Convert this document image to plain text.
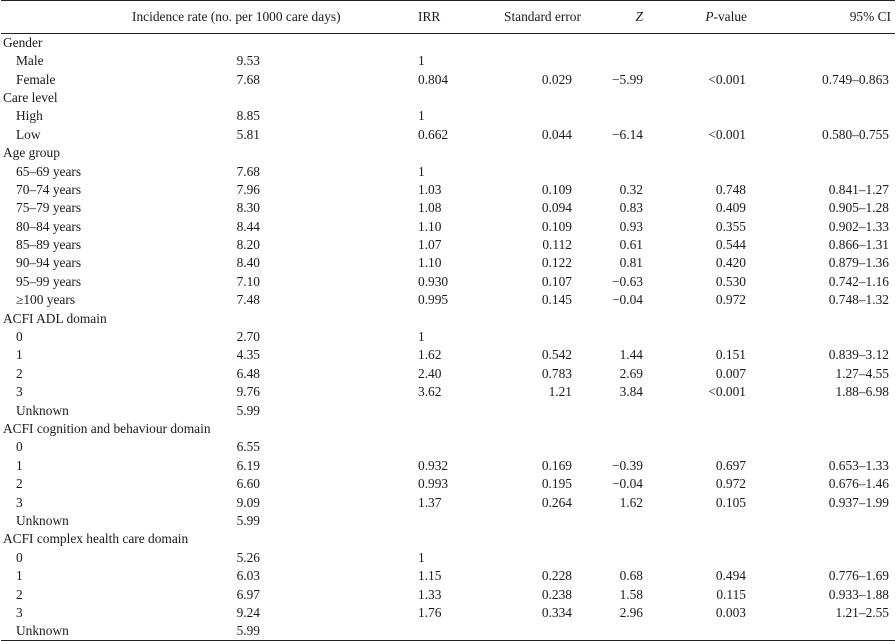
	Incidence rate (no. per 1000 care days)	IRR	Standard error	Z	P-value	95% CI
Gender						
Male	9.53	1				
Female	7.68	0.804	0.029	−5.99	<0.001	0.749–0.863
Care level						
High	8.85	1				
Low	5.81	0.662	0.044	−6.14	<0.001	0.580–0.755
Age group						
65–69 years	7.68	1				
70–74 years	7.96	1.03	0.109	0.32	0.748	0.841–1.27
75–79 years	8.30	1.08	0.094	0.83	0.409	0.905–1.28
80–84 years	8.44	1.10	0.109	0.93	0.355	0.902–1.33
85–89 years	8.20	1.07	0.112	0.61	0.544	0.866–1.31
90–94 years	8.40	1.10	0.122	0.81	0.420	0.879–1.36
95–99 years	7.10	0.930	0.107	−0.63	0.530	0.742–1.16
≥100 years	7.48	0.995	0.145	−0.04	0.972	0.748–1.32
ACFI ADL domain						
0	2.70	1				
1	4.35	1.62	0.542	1.44	0.151	0.839–3.12
2	6.48	2.40	0.783	2.69	0.007	1.27–4.55
3	9.76	3.62	1.21	3.84	<0.001	1.88–6.98
Unknown	5.99					
ACFI cognition and behaviour domain						
0	6.55					
1	6.19	0.932	0.169	−0.39	0.697	0.653–1.33
2	6.60	0.993	0.195	−0.04	0.972	0.676–1.46
3	9.09	1.37	0.264	1.62	0.105	0.937–1.99
Unknown	5.99					
ACFI complex health care domain						
0	5.26	1				
1	6.03	1.15	0.228	0.68	0.494	0.776–1.69
2	6.97	1.33	0.238	1.58	0.115	0.933–1.88
3	9.24	1.76	0.334	2.96	0.003	1.21–2.55
Unknown	5.99					
